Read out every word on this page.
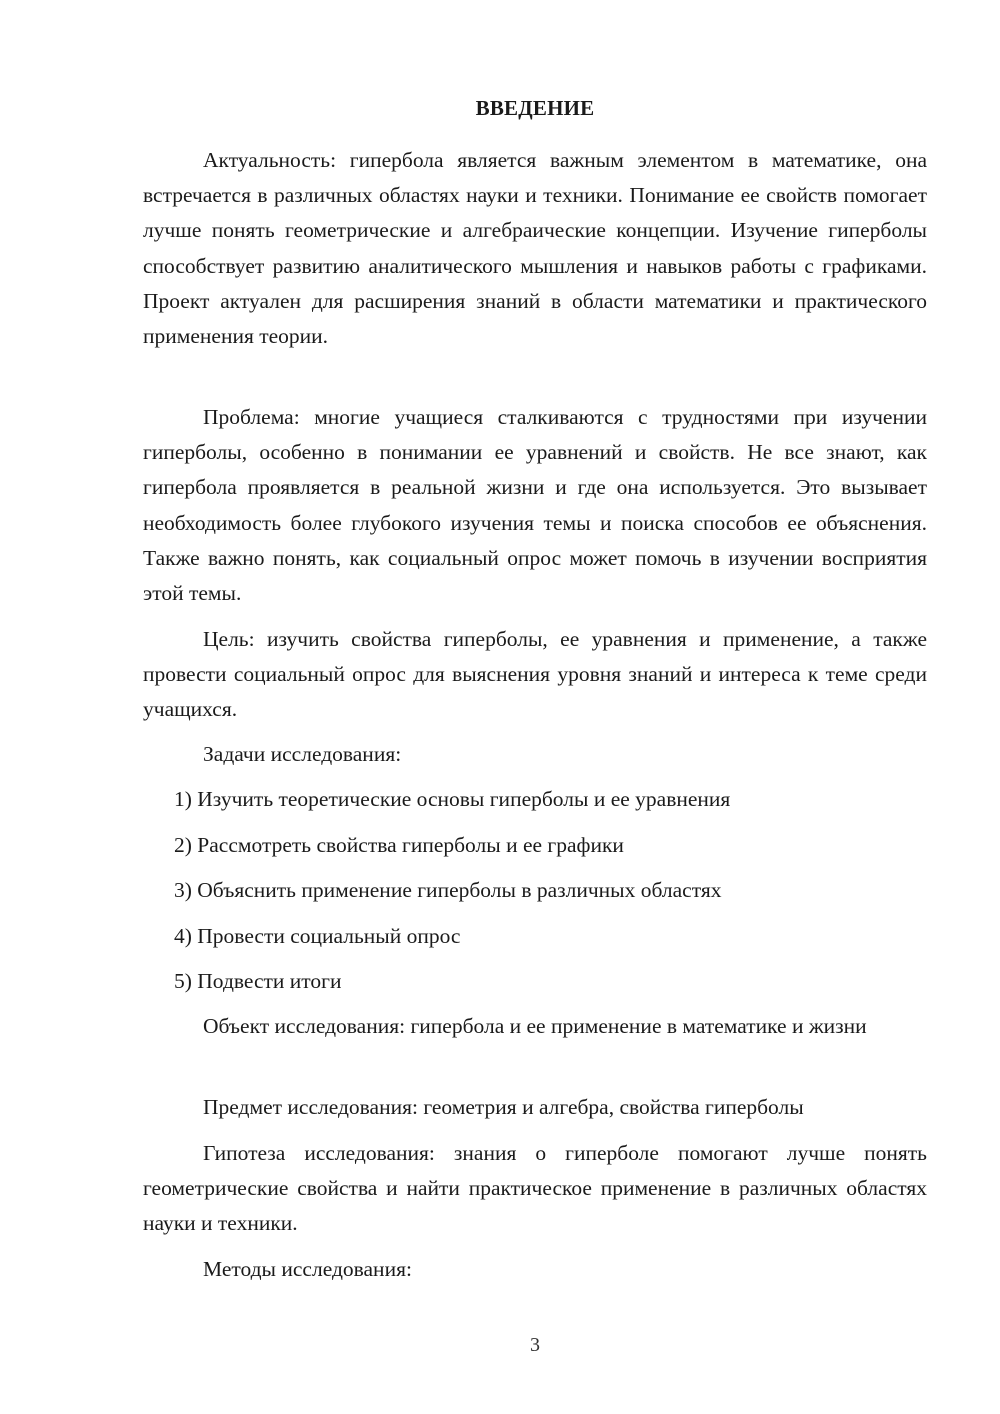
ВВЕДЕНИЕ

Актуальность: гипербола является важным элементом в математике, она встречается в различных областях науки и техники. Понимание ее свойств помогает лучше понять геометрические и алгебраические концепции. Изучение гиперболы способствует развитию аналитического мышления и навыков работы с графиками. Проект актуален для расширения знаний в области математики и практического применения теории.

Проблема: многие учащиеся сталкиваются с трудностями при изучении гиперболы, особенно в понимании ее уравнений и свойств. Не все знают, как гипербола проявляется в реальной жизни и где она используется. Это вызывает необходимость более глубокого изучения темы и поиска способов ее объяснения. Также важно понять, как социальный опрос может помочь в изучении восприятия этой темы.

Цель: изучить свойства гиперболы, ее уравнения и применение, а также провести социальный опрос для выяснения уровня знаний и интереса к теме среди учащихся.

Задачи исследования:

1) Изучить теоретические основы гиперболы и ее уравнения

2) Рассмотреть свойства гиперболы и ее графики

3) Объяснить применение гиперболы в различных областях

4) Провести социальный опрос

5) Подвести итоги

Объект исследования: гипербола и ее применение в математике и жизни

Предмет исследования: геометрия и алгебра, свойства гиперболы

Гипотеза исследования: знания о гиперболе помогают лучше понять геометрические свойства и найти практическое применение в различных областях науки и техники.

Методы исследования:

3
